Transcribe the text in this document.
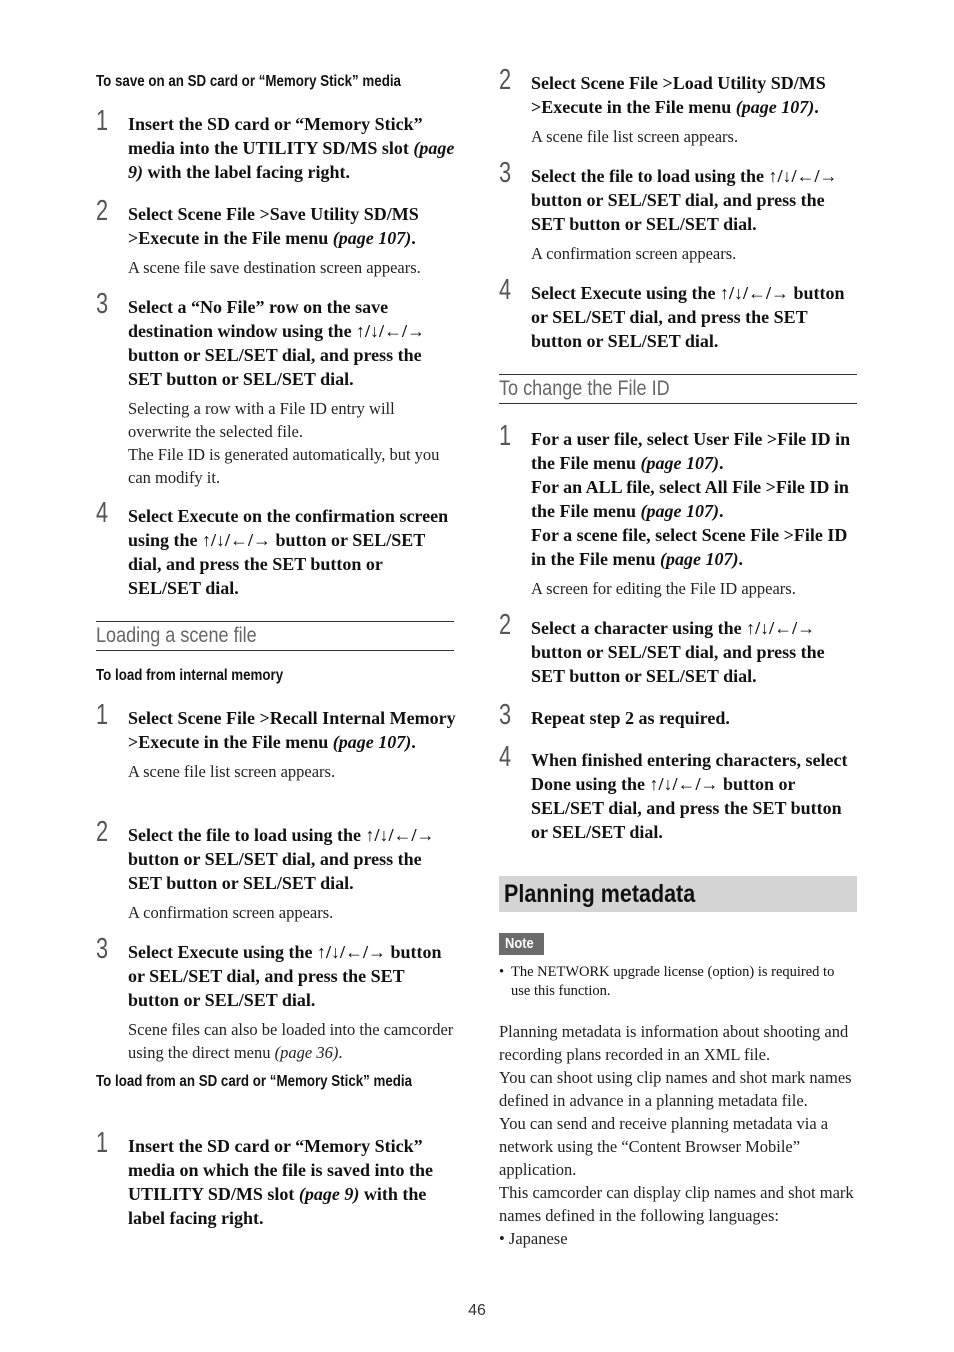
To save on an SD card or “Memory Stick” media
1 Insert the SD card or “Memory Stick” media into the UTILITY SD/MS slot (page 9) with the label facing right.
2 Select Scene File >Save Utility SD/MS >Execute in the File menu (page 107).
A scene file save destination screen appears.
3 Select a “No File” row on the save destination window using the ↑/↓/←/→ button or SEL/SET dial, and press the SET button or SEL/SET dial.
Selecting a row with a File ID entry will overwrite the selected file.
The File ID is generated automatically, but you can modify it.
4 Select Execute on the confirmation screen using the ↑/↓/←/→ button or SEL/SET dial, and press the SET button or SEL/SET dial.
Loading a scene file
To load from internal memory
1 Select Scene File >Recall Internal Memory >Execute in the File menu (page 107).
A scene file list screen appears.
2 Select the file to load using the ↑/↓/←/→ button or SEL/SET dial, and press the SET button or SEL/SET dial.
A confirmation screen appears.
3 Select Execute using the ↑/↓/←/→ button or SEL/SET dial, and press the SET button or SEL/SET dial.
Scene files can also be loaded into the camcorder using the direct menu (page 36).
To load from an SD card or “Memory Stick” media
1 Insert the SD card or “Memory Stick” media on which the file is saved into the UTILITY SD/MS slot (page 9) with the label facing right.
2 Select Scene File >Load Utility SD/MS >Execute in the File menu (page 107).
A scene file list screen appears.
3 Select the file to load using the ↑/↓/←/→ button or SEL/SET dial, and press the SET button or SEL/SET dial.
A confirmation screen appears.
4 Select Execute using the ↑/↓/←/→ button or SEL/SET dial, and press the SET button or SEL/SET dial.
To change the File ID
1 For a user file, select User File >File ID in the File menu (page 107).
For an ALL file, select All File >File ID in the File menu (page 107).
For a scene file, select Scene File >File ID in the File menu (page 107).
A screen for editing the File ID appears.
2 Select a character using the ↑/↓/←/→ button or SEL/SET dial, and press the SET button or SEL/SET dial.
3 Repeat step 2 as required.
4 When finished entering characters, select Done using the ↑/↓/←/→ button or SEL/SET dial, and press the SET button or SEL/SET dial.
Planning metadata
Note
• The NETWORK upgrade license (option) is required to use this function.

Planning metadata is information about shooting and recording plans recorded in an XML file.

You can shoot using clip names and shot mark names defined in advance in a planning metadata file.

You can send and receive planning metadata via a network using the “Content Browser Mobile” application.

This camcorder can display clip names and shot mark names defined in the following languages:

• Japanese

46
